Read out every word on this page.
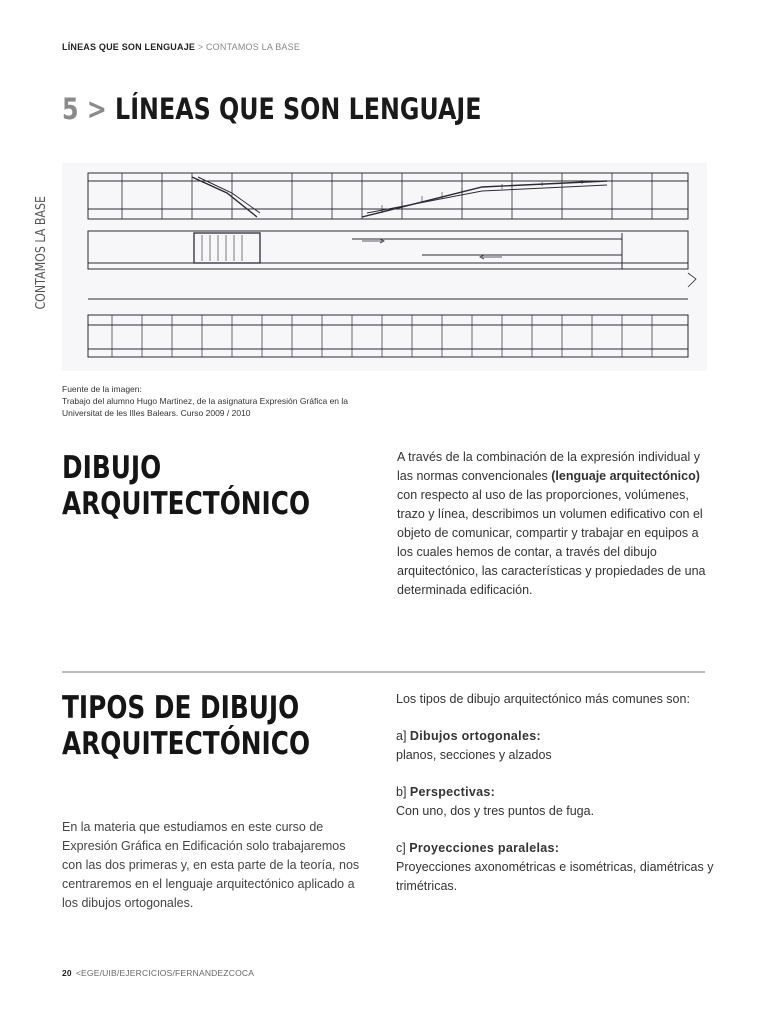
LÍNEAS QUE SON LENGUAJE > CONTAMOS LA BASE
5 > LÍNEAS QUE SON LENGUAJE
CONTAMOS LA BASE
Fuente de la imagen:
Trabajo del alumno Hugo Martinez, de la asignatura Expresión Gráfica en la
Universitat de les Illes Balears. Curso 2009 / 2010
DIBUJO
ARQUITECTÓNICO
A través de la combinación de la expresión individual y las normas convencionales (lenguaje arquitectónico) con respecto al uso de las proporciones, volúmenes, trazo y línea, describimos un volumen edificativo con el objeto de comunicar, compartir y trabajar en equipos a los cuales hemos de contar, a través del dibujo arquitectónico, las características y propiedades de una determinada edificación.
TIPOS DE DIBUJO
ARQUITECTÓNICO
En la materia que estudiamos en este curso de Expresión Gráfica en Edificación solo trabajaremos con las dos primeras y, en esta parte de la teoría, nos centraremos en el lenguaje arquitectónico aplicado a los dibujos ortogonales.
Los tipos de dibujo arquitectónico más comunes son:
a] Dibujos ortogonales:
planos, secciones y alzados
b] Perspectivas:
Con uno, dos y tres puntos de fuga.
c] Proyecciones paralelas:
Proyecciones axonométricas e isométricas, diamétricas y trimétricas.
20 <EGE/UIB/EJERCICIOS/FERNANDEZCOCA
